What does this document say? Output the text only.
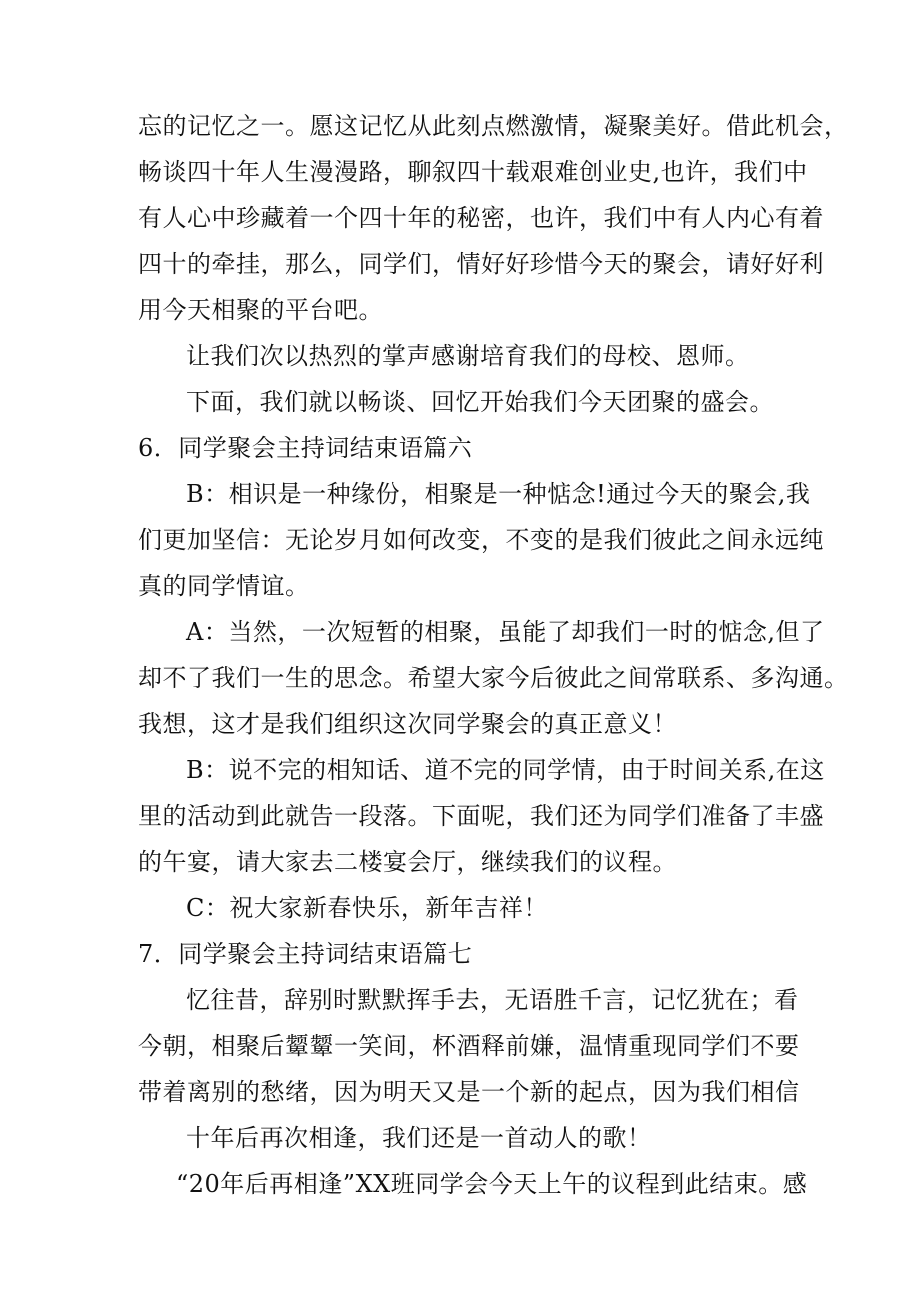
忘的记忆之一。愿这记忆从此刻点燃激情，凝聚美好。借此机会，
畅谈四十年人生漫漫路，聊叙四十载艰难创业史,也许，我们中
有人心中珍藏着一个四十年的秘密，也许，我们中有人内心有着
四十的牵挂，那么，同学们，情好好珍惜今天的聚会，请好好利
用今天相聚的平台吧。
让我们次以热烈的掌声感谢培育我们的母校、恩师。
下面，我们就以畅谈、回忆开始我们今天团聚的盛会。
6．同学聚会主持词结束语篇六
B：相识是一种缘份，相聚是一种惦念!通过今天的聚会,我
们更加坚信：无论岁月如何改变，不变的是我们彼此之间永远纯
真的同学情谊。
A：当然，一次短暂的相聚，虽能了却我们一时的惦念,但了
却不了我们一生的思念。希望大家今后彼此之间常联系、多沟通。
我想，这才是我们组织这次同学聚会的真正意义！
B：说不完的相知话、道不完的同学情，由于时间关系,在这
里的活动到此就告一段落。下面呢，我们还为同学们准备了丰盛
的午宴，请大家去二楼宴会厅，继续我们的议程。
C：祝大家新春快乐，新年吉祥！
7．同学聚会主持词结束语篇七
忆往昔，辞别时默默挥手去，无语胜千言，记忆犹在；看
今朝，相聚后颦颦一笑间，杯酒释前嫌，温情重现同学们不要
带着离别的愁绪，因为明天又是一个新的起点，因为我们相信
十年后再次相逢，我们还是一首动人的歌！
“20年后再相逢”XX班同学会今天上午的议程到此结束。感
